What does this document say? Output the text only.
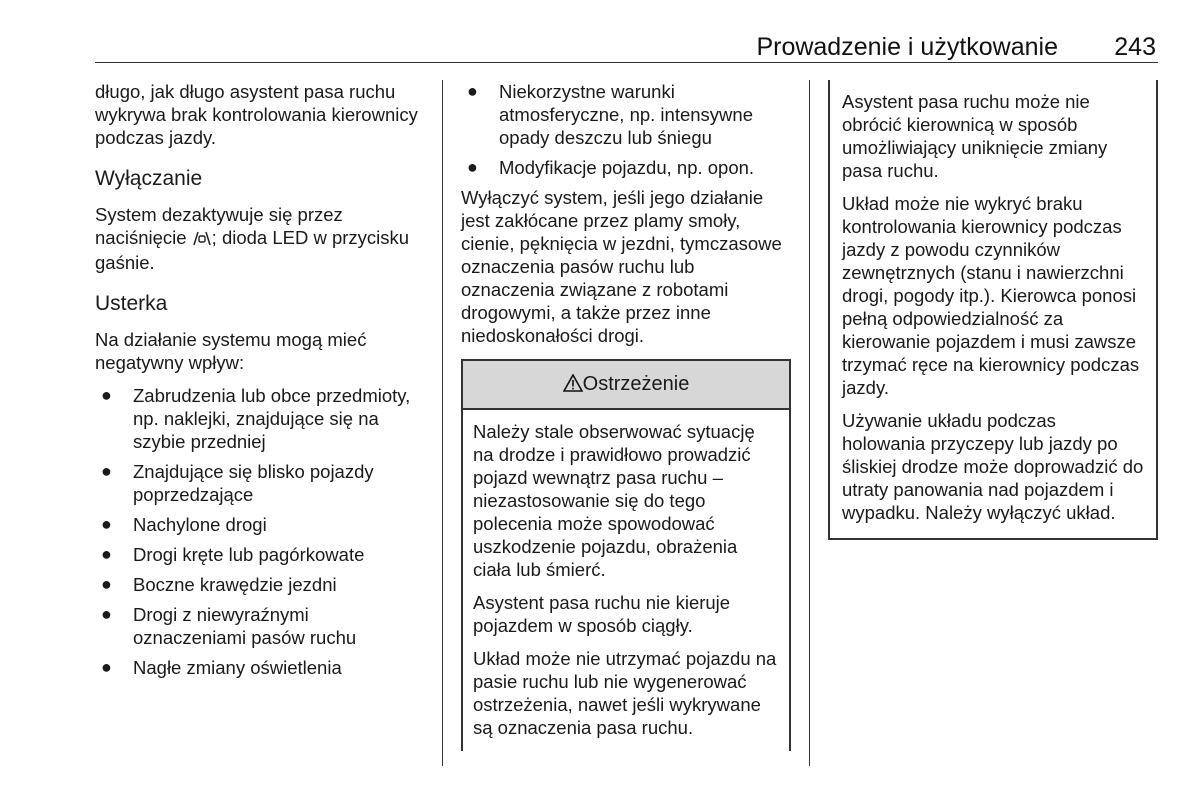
Prowadzenie i użytkowanie 243

długo, jak długo asystent pasa ruchu wykrywa brak kontrolowania kierownicy podczas jazdy.

Wyłączanie

System dezaktywuje się przez naciśnięcie ; dioda LED w przycisku gaśnie.

Usterka

Na działanie systemu mogą mieć negatywny wpływ:

● Zabrudzenia lub obce przedmioty, np. naklejki, znajdujące się na szybie przedniej
● Znajdujące się blisko pojazdy poprzedzające
● Nachylone drogi
● Drogi kręte lub pagórkowate
● Boczne krawędzie jezdni
● Drogi z niewyraźnymi oznaczeniami pasów ruchu
● Nagłe zmiany oświetlenia
● Niekorzystne warunki atmosferyczne, np. intensywne opady deszczu lub śniegu
● Modyfikacje pojazdu, np. opon.

Wyłączyć system, jeśli jego działanie jest zakłócane przez plamy smoły, cienie, pęknięcia w jezdni, tymczasowe oznaczenia pasów ruchu lub oznaczenia związane z robotami drogowymi, a także przez inne niedoskonałości drogi.

Ostrzeżenie

Należy stale obserwować sytuację na drodze i prawidłowo prowadzić pojazd wewnątrz pasa ruchu – niezastosowanie się do tego polecenia może spowodować uszkodzenie pojazdu, obrażenia ciała lub śmierć.

Asystent pasa ruchu nie kieruje pojazdem w sposób ciągły.

Układ może nie utrzymać pojazdu na pasie ruchu lub nie wygenerować ostrzeżenia, nawet jeśli wykrywane są oznaczenia pasa ruchu.

Asystent pasa ruchu może nie obrócić kierownicą w sposób umożliwiający uniknięcie zmiany pasa ruchu.

Układ może nie wykryć braku kontrolowania kierownicy podczas jazdy z powodu czynników zewnętrznych (stanu i nawierzchni drogi, pogody itp.). Kierowca ponosi pełną odpowiedzialność za kierowanie pojazdem i musi zawsze trzymać ręce na kierownicy podczas jazdy.

Używanie układu podczas holowania przyczepy lub jazdy po śliskiej drodze może doprowadzić do utraty panowania nad pojazdem i wypadku. Należy wyłączyć układ.
